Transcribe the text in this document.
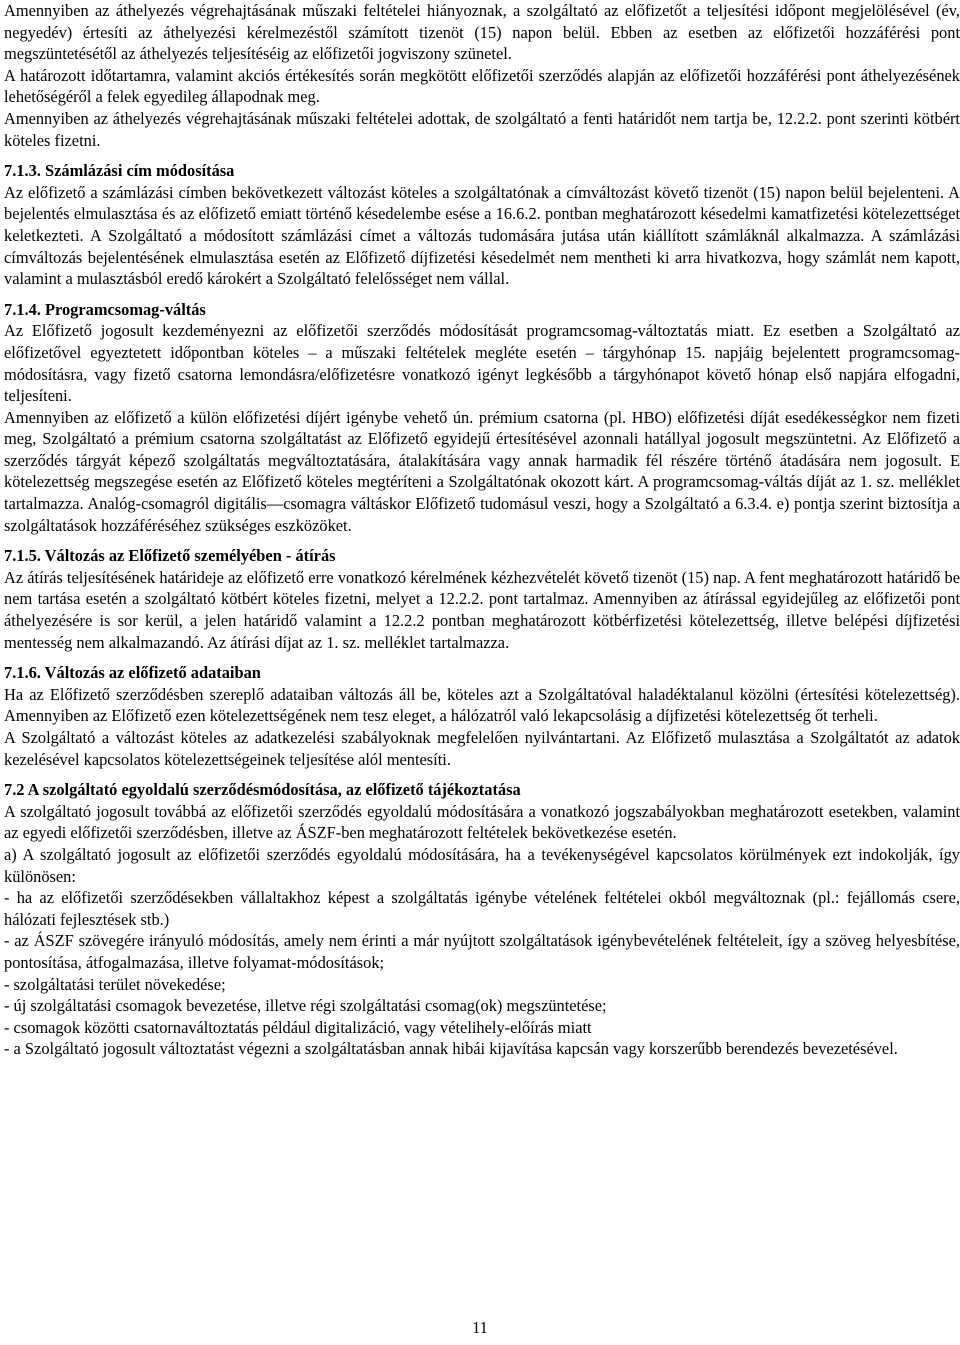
Amennyiben az áthelyezés végrehajtásának műszaki feltételei hiányoznak, a szolgáltató az előfizetőt a teljesítési időpont megjelölésével (év, negyedév) értesíti az áthelyezési kérelmezéstől számított tizenöt (15) napon belül. Ebben az esetben az előfizetői hozzáférési pont megszüntetésétől az áthelyezés teljesítéséig az előfizetői jogviszony szünetel.

A határozott időtartamra, valamint akciós értékesítés során megkötött előfizetői szerződés alapján az előfizetői hozzáférési pont áthelyezésének lehetőségéről a felek egyedileg állapodnak meg.

Amennyiben az áthelyezés végrehajtásának műszaki feltételei adottak, de szolgáltató a fenti határidőt nem tartja be, 12.2.2. pont szerinti kötbért köteles fizetni.

7.1.3. Számlázási cím módosítása

Az előfizető a számlázási címben bekövetkezett változást köteles a szolgáltatónak a címváltozást követő tizenöt (15) napon belül bejelenteni. A bejelentés elmulasztása és az előfizető emiatt történő késedelembe esése a 16.6.2. pontban meghatározott késedelmi kamatfizetési kötelezettséget keletkezteti. A Szolgáltató a módosított számlázási címet a változás tudomására jutása után kiállított számláknál alkalmazza. A számlázási címváltozás bejelentésének elmulasztása esetén az Előfizető díjfizetési késedelmét nem mentheti ki arra hivatkozva, hogy számlát nem kapott, valamint a mulasztásból eredő károkért a Szolgáltató felelősséget nem vállal.

7.1.4. Programcsomag-váltás

Az Előfizető jogosult kezdeményezni az előfizetői szerződés módosítását programcsomag-változtatás miatt. Ez esetben a Szolgáltató az előfizetővel egyeztetett időpontban köteles – a műszaki feltételek megléte esetén – tárgyhónap 15. napjáig bejelentett programcsomag-módosításra, vagy fizető csatorna lemondásra/előfizetésre vonatkozó igényt legkésőbb a tárgyhónapot követő hónap első napjára elfogadni, teljesíteni.

Amennyiben az előfizető a külön előfizetési díjért igénybe vehető ún. prémium csatorna (pl. HBO) előfizetési díját esedékességkor nem fizeti meg, Szolgáltató a prémium csatorna szolgáltatást az Előfizető egyidejű értesítésével azonnali hatállyal jogosult megszüntetni. Az Előfizető a szerződés tárgyát képező szolgáltatás megváltoztatására, átalakítására vagy annak harmadik fél részére történő átadására nem jogosult. E kötelezettség megszegése esetén az Előfizető köteles megtéríteni a Szolgáltatónak okozott kárt. A programcsomag-váltás díját az 1. sz. melléklet tartalmazza. Analóg-csomagról digitális—csomagra váltáskor Előfizető tudomásul veszi, hogy a Szolgáltató a 6.3.4. e) pontja szerint biztosítja a szolgáltatások hozzáféréséhez szükséges eszközöket.

7.1.5. Változás az Előfizető személyében - átírás

Az átírás teljesítésének határideje az előfizető erre vonatkozó kérelmének kézhezvételét követő tizenöt (15) nap. A fent meghatározott határidő be nem tartása esetén a szolgáltató kötbért köteles fizetni, melyet a 12.2.2. pont tartalmaz. Amennyiben az átírással egyidejűleg az előfizetői pont áthelyezésére is sor kerül, a jelen határidő valamint a 12.2.2 pontban meghatározott kötbérfizetési kötelezettség, illetve belépési díjfizetési mentesség nem alkalmazandó. Az átírási díjat az 1. sz. melléklet tartalmazza.

7.1.6. Változás az előfizető adataiban

Ha az Előfizető szerződésben szereplő adataiban változás áll be, köteles azt a Szolgáltatóval haladéktalanul közölni (értesítési kötelezettség). Amennyiben az Előfizető ezen kötelezettségének nem tesz eleget, a hálózatról való lekapcsolásig a díjfizetési kötelezettség őt terheli.

A Szolgáltató a változást köteles az adatkezelési szabályoknak megfelelően nyilvántartani. Az Előfizető mulasztása a Szolgáltatót az adatok kezelésével kapcsolatos kötelezettségeinek teljesítése alól mentesíti.

7.2 A szolgáltató egyoldalú szerződésmódosítása, az előfizető tájékoztatása

A szolgáltató jogosult továbbá az előfizetői szerződés egyoldalú módosítására a vonatkozó jogszabályokban meghatározott esetekben, valamint az egyedi előfizetői szerződésben, illetve az ÁSZF-ben meghatározott feltételek bekövetkezése esetén.

a) A szolgáltató jogosult az előfizetői szerződés egyoldalú módosítására, ha a tevékenységével kapcsolatos körülmények ezt indokolják, így különösen:

- ha az előfizetői szerződésekben vállaltakhoz képest a szolgáltatás igénybe vételének feltételei okból megváltoznak (pl.: fejállomás csere, hálózati fejlesztések stb.)

- az ÁSZF szövegére irányuló módosítás, amely nem érinti a már nyújtott szolgáltatások igénybevételének feltételeit, így a szöveg helyesbítése, pontosítása, átfogalmazása, illetve folyamat-módosítások;

- szolgáltatási terület növekedése;

- új szolgáltatási csomagok bevezetése, illetve régi szolgáltatási csomag(ok) megszüntetése;

- csomagok közötti csatornaváltoztatás például digitalizáció, vagy vételihely-előírás miatt

- a Szolgáltató jogosult változtatást végezni a szolgáltatásban annak hibái kijavítása kapcsán vagy korszerűbb berendezés bevezetésével.

11
